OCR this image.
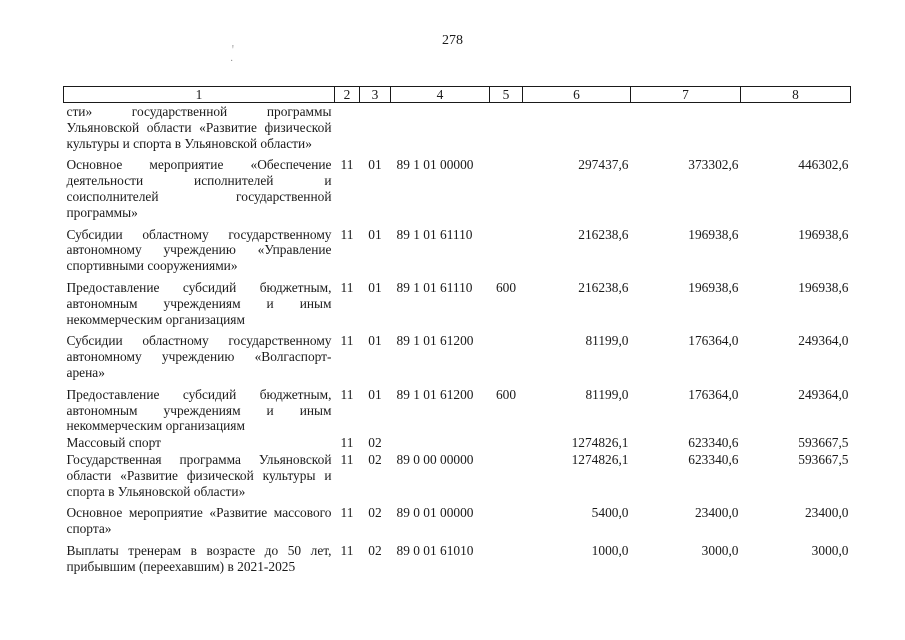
278
ꞌ
·
1	2	3	4	5	6	7	8
сти» государственной программы Ульяновской области «Развитие физической культуры и спорта в Ульяновской области»							
Основное мероприятие «Обеспечение деятельности исполнителей и соисполнителей государственной программы»	11	01	89 1 01 00000		297437,6	373302,6	446302,6
Субсидии областному государственному автономному учреждению «Управление спортивными сооружениями»	11	01	89 1 01 61110		216238,6	196938,6	196938,6
Предоставление субсидий бюджетным, автономным учреждениям и иным некоммерческим организациям	11	01	89 1 01 61110	600	216238,6	196938,6	196938,6
Субсидии областному государственному автономному учреждению «Волгаспорт-арена»	11	01	89 1 01 61200		81199,0	176364,0	249364,0
Предоставление субсидий бюджетным, автономным учреждениям и иным некоммерческим организациям	11	01	89 1 01 61200	600	81199,0	176364,0	249364,0
Массовый спорт	11	02			1274826,1	623340,6	593667,5
Государственная программа Ульяновской области «Развитие физической культуры и спорта в Ульяновской области»	11	02	89 0 00 00000		1274826,1	623340,6	593667,5
Основное мероприятие «Развитие массового спорта»	11	02	89 0 01 00000		5400,0	23400,0	23400,0
Выплаты тренерам в возрасте до 50 лет, прибывшим (переехавшим) в 2021-2025	11	02	89 0 01 61010		1000,0	3000,0	3000,0
